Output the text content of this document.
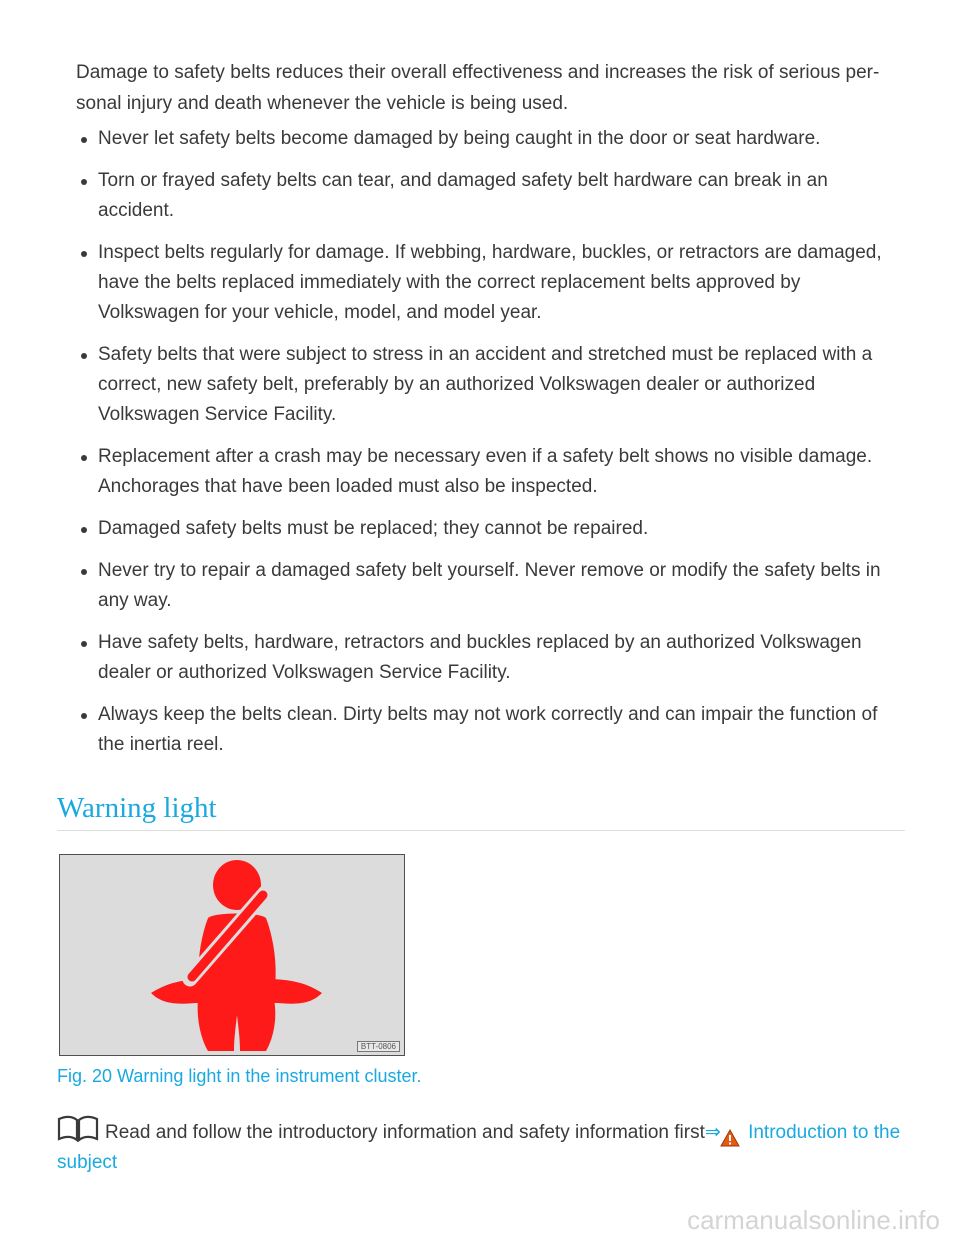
Damage to safety belts reduces their overall effectiveness and increases the risk of serious per-sonal injury and death whenever the vehicle is being used.

Never let safety belts become damaged by being caught in the door or seat hardware.
Torn or frayed safety belts can tear, and damaged safety belt hardware can break in an accident.
Inspect belts regularly for damage. If webbing, hardware, buckles, or retractors are damaged, have the belts replaced immediately with the correct replacement belts approved by Volkswagen for your vehicle, model, and model year.
Safety belts that were subject to stress in an accident and stretched must be replaced with a correct, new safety belt, preferably by an authorized Volkswagen dealer or authorized Volkswagen Service Facility.
Replacement after a crash may be necessary even if a safety belt shows no visible damage. Anchorages that have been loaded must also be inspected.
Damaged safety belts must be replaced; they cannot be repaired.
Never try to repair a damaged safety belt yourself. Never remove or modify the safety belts in any way.
Have safety belts, hardware, retractors and buckles replaced by an authorized Volkswagen dealer or authorized Volkswagen Service Facility.
Always keep the belts clean. Dirty belts may not work correctly and can impair the function of the inertia reel.
Warning light
BTT-0806

Fig. 20 Warning light in the instrument cluster.

Read and follow the introductory information and safety information first⇒ Introduction to the subject

carmanualsonline.info
